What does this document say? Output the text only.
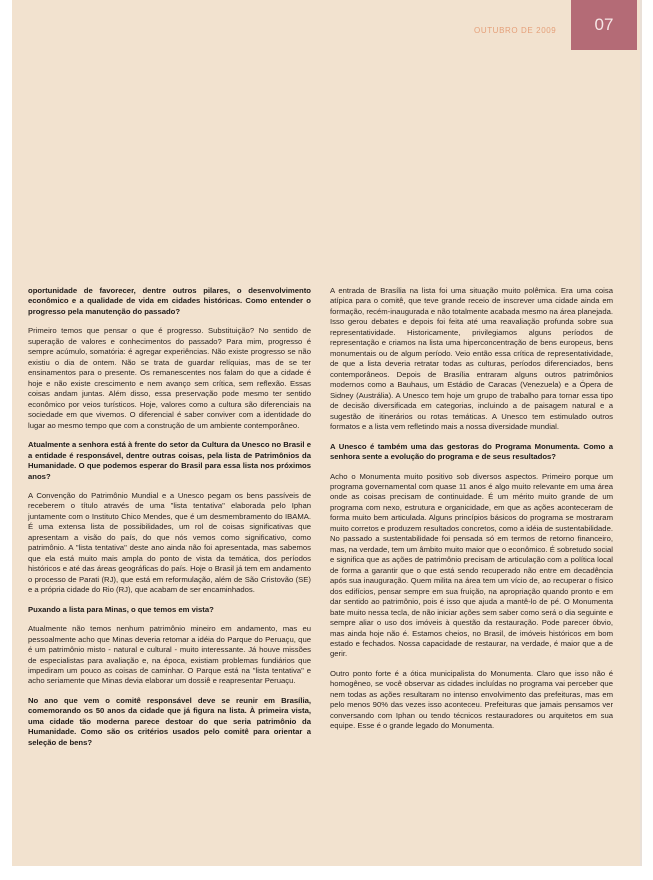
OUTUBRO DE 2009 07

oportunidade de favorecer, dentre outros pilares, o desenvolvimento econômico e a qualidade de vida em cidades históricas. Como entender o progresso pela manutenção do passado?

Primeiro temos que pensar o que é progresso. Substituição? No sentido de superação de valores e conhecimentos do passado? Para mim, progresso é sempre acúmulo, somatória: é agregar experiências. Não existe progresso se não existiu o dia de ontem. Não se trata de guardar relíquias, mas de se ter ensinamentos para o presente. Os remanescentes nos falam do que a cidade é hoje e não existe crescimento e nem avanço sem crítica, sem reflexão. Essas coisas andam juntas. Além disso, essa preservação pode mesmo ter sentido econômico por veios turísticos. Hoje, valores como a cultura são diferenciais na sociedade em que vivemos. O diferencial é saber conviver com a identidade do lugar ao mesmo tempo que com a construção de um ambiente contemporâneo.

Atualmente a senhora está à frente do setor da Cultura da Unesco no Brasil e a entidade é responsável, dentre outras coisas, pela lista de Patrimônios da Humanidade. O que podemos esperar do Brasil para essa lista nos próximos anos?

A Convenção do Patrimônio Mundial e a Unesco pegam os bens passíveis de receberem o título através de uma "lista tentativa" elaborada pelo Iphan juntamente com o Instituto Chico Mendes, que é um desmembramento do IBAMA. É uma extensa lista de possibilidades, um rol de coisas significativas que apresentam a visão do país, do que nós vemos como significativo, como patrimônio. A "lista tentativa" deste ano ainda não foi apresentada, mas sabemos que ela está muito mais ampla do ponto de vista da temática, dos períodos históricos e até das áreas geográficas do país. Hoje o Brasil já tem em andamento o processo de Parati (RJ), que está em reformulação, além de São Cristovão (SE) e a própria cidade do Rio (RJ), que acabam de ser encaminhados.

Puxando a lista para Minas, o que temos em vista?

Atualmente não temos nenhum patrimônio mineiro em andamento, mas eu pessoalmente acho que Minas deveria retomar a idéia do Parque do Peruaçu, que é um patrimônio misto - natural e cultural - muito interessante. Já houve missões de especialistas para avaliação e, na época, existiam problemas fundiários que impediram um pouco as coisas de caminhar. O Parque está na "lista tentativa" e acho seriamente que Minas devia elaborar um dossiê e reapresentar Peruaçu.

No ano que vem o comitê responsável deve se reunir em Brasília, comemorando os 50 anos da cidade que já figura na lista. À primeira vista, uma cidade tão moderna parece destoar do que seria patrimônio da Humanidade. Como são os critérios usados pelo comitê para orientar a seleção de bens?

A entrada de Brasília na lista foi uma situação muito polêmica. Era uma coisa atípica para o comitê, que teve grande receio de inscrever uma cidade ainda em formação, recém-inaugurada e não totalmente acabada mesmo na área planejada. Isso gerou debates e depois foi feita até uma reavaliação profunda sobre sua representatividade. Historicamente, privilegiamos alguns períodos de representação e criamos na lista uma hiperconcentração de bens europeus, bens monumentais ou de algum período. Veio então essa crítica de representatividade, de que a lista deveria retratar todas as culturas, períodos diferenciados, bens contemporâneos. Depois de Brasília entraram alguns outros patrimônios modernos como a Bauhaus, um Estádio de Caracas (Venezuela) e a Ópera de Sidney (Austrália). A Unesco tem hoje um grupo de trabalho para tornar essa tipo de decisão diversificada em categorias, incluindo a de paisagem natural e a sugestão de itinerários ou rotas temáticas. A Unesco tem estimulado outros formatos e a lista vem refletindo mais a nossa diversidade mundial.

A Unesco é também uma das gestoras do Programa Monumenta. Como a senhora sente a evolução do programa e de seus resultados?

Acho o Monumenta muito positivo sob diversos aspectos. Primeiro porque um programa governamental com quase 11 anos é algo muito relevante em uma área onde as coisas precisam de continuidade. É um mérito muito grande de um programa com nexo, estrutura e organicidade, em que as ações aconteceram de forma muito bem articulada. Alguns princípios básicos do programa se mostraram muito corretos e produzem resultados concretos, como a idéia de sustentabilidade. No passado a sustentabilidade foi pensada só em termos de retorno financeiro, mas, na verdade, tem um âmbito muito maior que o econômico. É sobretudo social e significa que as ações de patrimônio precisam de articulação com a política local de forma a garantir que o que está sendo recuperado não entre em decadência após sua inauguração. Quem milita na área tem um vício de, ao recuperar o físico dos edifícios, pensar sempre em sua fruição, na apropriação quando pronto e em dar sentido ao patrimônio, pois é isso que ajuda a mantê-lo de pé. O Monumenta bate muito nessa tecla, de não iniciar ações sem saber como será o dia seguinte e sempre aliar o uso dos imóveis à questão da restauração. Pode parecer óbvio, mas ainda hoje não é. Estamos cheios, no Brasil, de imóveis históricos em bom estado e fechados. Nossa capacidade de restaurar, na verdade, é maior que a de gerir.

Outro ponto forte é a ótica municipalista do Monumenta. Claro que isso não é homogêneo, se você observar as cidades incluídas no programa vai perceber que nem todas as ações resultaram no intenso envolvimento das prefeituras, mas em pelo menos 90% das vezes isso aconteceu. Prefeituras que jamais pensamos ver conversando com Iphan ou tendo técnicos restauradores ou arquitetos em sua equipe. Esse é o grande legado do Monumenta.
